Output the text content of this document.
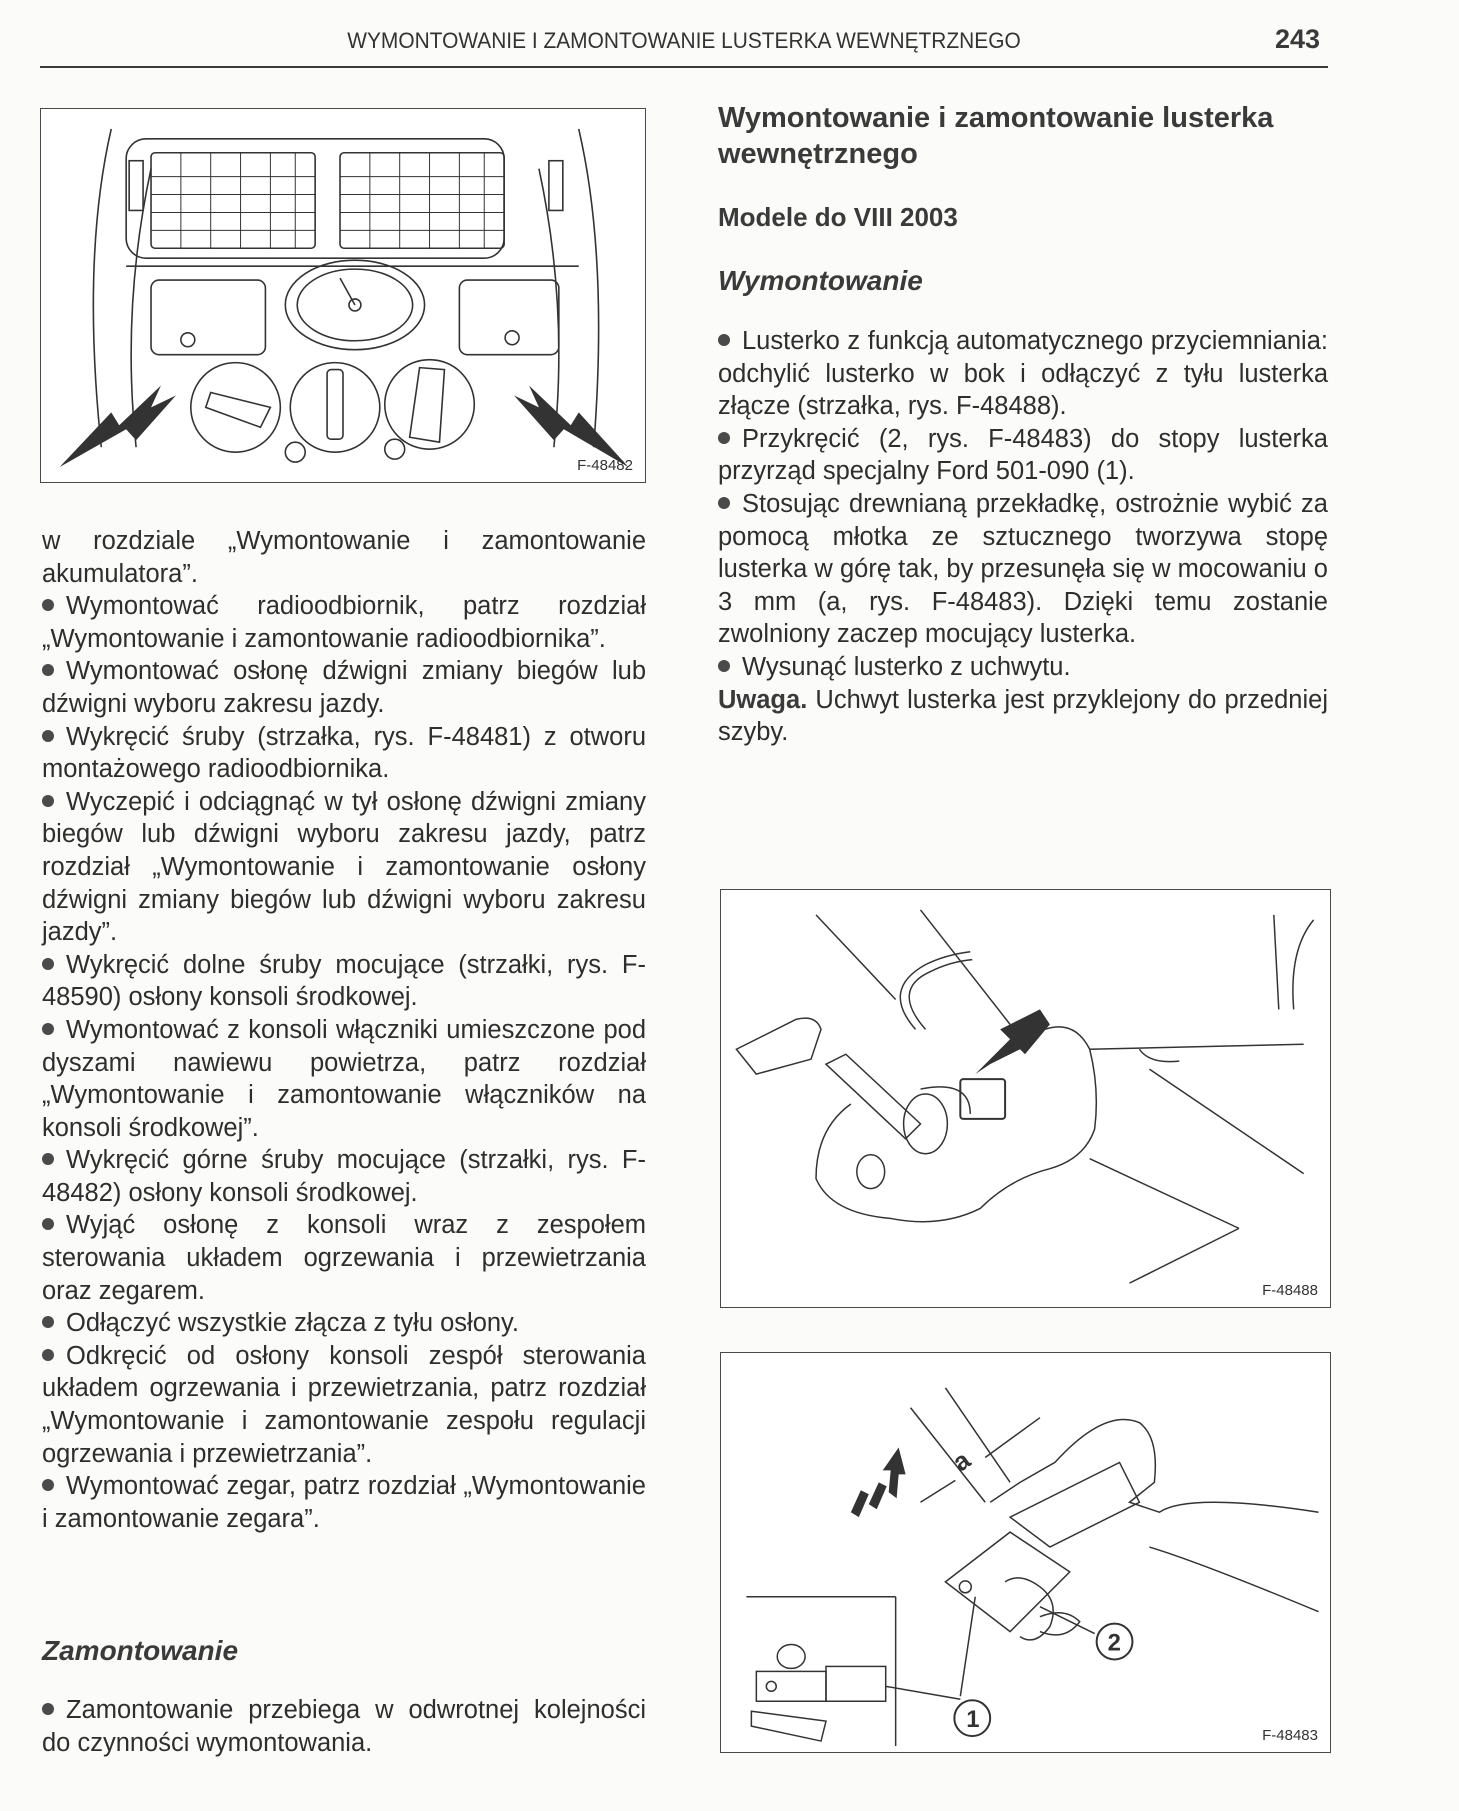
WYMONTOWANIE I ZAMONTOWANIE LUSTERKA WEWNĘTRZNEGO	243
F-48482

w rozdziale „Wymontowanie i zamontowanie akumulatora”.

Wymontować radioodbiornik, patrz rozdział „Wymontowanie i zamontowanie radioodbiornika”.

Wymontować osłonę dźwigni zmiany biegów lub dźwigni wyboru zakresu jazdy.

Wykręcić śruby (strzałka, rys. F-48481) z otworu montażowego radioodbiornika.

Wyczepić i odciągnąć w tył osłonę dźwigni zmiany biegów lub dźwigni wyboru zakresu jazdy, patrz rozdział „Wymontowanie i zamontowanie osłony dźwigni zmiany biegów lub dźwigni wyboru zakresu jazdy”.

Wykręcić dolne śruby mocujące (strzałki, rys. F-48590) osłony konsoli środkowej.

Wymontować z konsoli włączniki umieszczone pod dyszami nawiewu powietrza, patrz rozdział „Wymontowanie i zamontowanie włączników na konsoli środkowej”.

Wykręcić górne śruby mocujące (strzałki, rys. F-48482) osłony konsoli środkowej.

Wyjąć osłonę z konsoli wraz z zespołem sterowania układem ogrzewania i przewietrzania oraz zegarem.

Odłączyć wszystkie złącza z tyłu osłony.

Odkręcić od osłony konsoli zespół sterowania układem ogrzewania i przewietrzania, patrz rozdział „Wymontowanie i zamontowanie zespołu regulacji ogrzewania i przewietrzania”.

Wymontować zegar, patrz rozdział „Wymontowanie i zamontowanie zegara”.

Zamontowanie

Zamontowanie przebiega w odwrotnej kolejności do czynności wymontowania.

Wymontowanie i zamontowanie lusterka wewnętrznego
Modele do VIII 2003
Wymontowanie

Lusterko z funkcją automatycznego przyciemniania: odchylić lusterko w bok i odłączyć z tyłu lusterka złącze (strzałka, rys. F-48488).

Przykręcić (2, rys. F-48483) do stopy lusterka przyrząd specjalny Ford 501-090 (1).

Stosując drewnianą przekładkę, ostrożnie wybić za pomocą młotka ze sztucznego tworzywa stopę lusterka w górę tak, by przesunęła się w mocowaniu o 3 mm (a, rys. F-48483). Dzięki temu zostanie zwolniony zaczep mocujący lusterka.

Wysunąć lusterko z uchwytu.

Uwaga. Uchwyt lusterka jest przyklejony do przedniej szyby.

F-48488
a
1
2
F-48483
